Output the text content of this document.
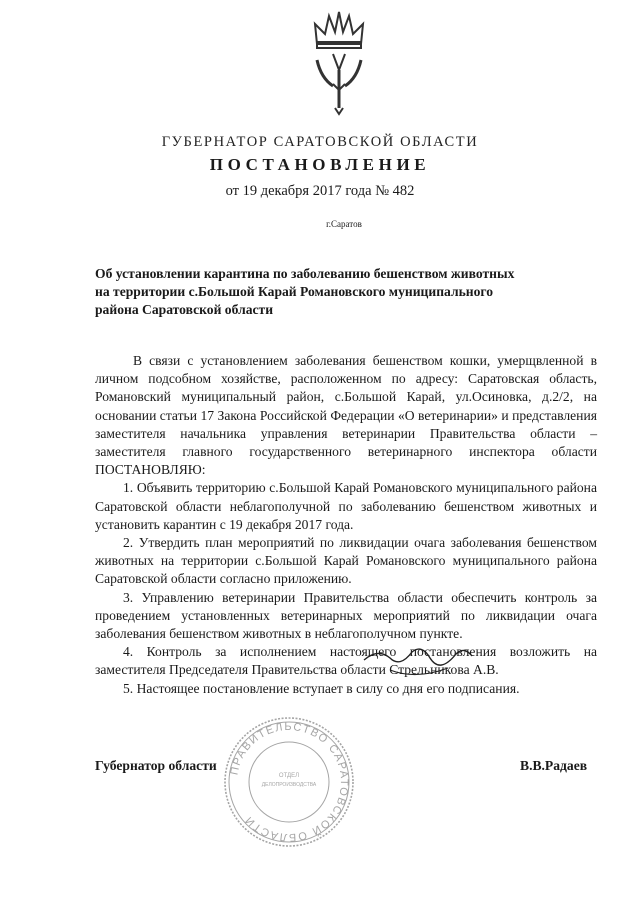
ГУБЕРНАТОР САРАТОВСКОЙ ОБЛАСТИ
ПОСТАНОВЛЕНИЕ
от 19 декабря 2017 года № 482
г.Саратов
Об установлении карантина по заболеванию бешенством животных на территории с.Большой Карай Романовского муниципального района Саратовской области

В связи с установлением заболевания бешенством кошки, умерщвленной в личном подсобном хозяйстве, расположенном по адресу: Саратовская область, Романовский муниципальный район, с.Большой Карай, ул.Осиновка, д.2/2, на основании статьи 17 Закона Российской Федерации «О ветеринарии» и представления заместителя начальника управления ветеринарии Правительства области – заместителя главного государственного ветеринарного инспектора области ПОСТАНОВЛЯЮ:

1. Объявить территорию с.Большой Карай Романовского муниципального района Саратовской области неблагополучной по заболеванию бешенством животных и установить карантин с 19 декабря 2017 года.

2. Утвердить план мероприятий по ликвидации очага заболевания бешенством животных на территории с.Большой Карай Романовского муниципального района Саратовской области согласно приложению.

3. Управлению ветеринарии Правительства области обеспечить контроль за проведением установленных ветеринарных мероприятий по ликвидации очага заболевания бешенством животных в неблагополучном пункте.

4. Контроль за исполнением настоящего постановления возложить на заместителя Председателя Правительства области Стрельникова А.В.

5. Настоящее постановление вступает в силу со дня его подписания.

Губернатор области	В.В.Радаев
ПРАВИТЕЛЬСТВО САРАТОВСКОЙ ОБЛАСТИ
ОТДЕЛ
ДЕЛОПРОИЗВОДСТВА
